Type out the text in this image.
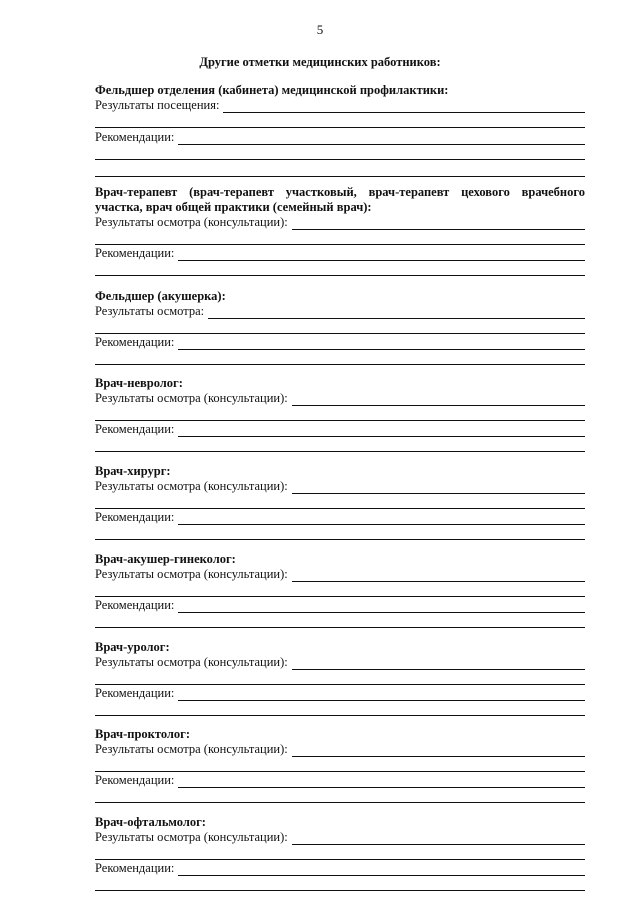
5
Другие отметки медицинских работников:
Фельдшер отделения (кабинета) медицинской профилактики:
Результаты посещения:
Рекомендации:
Врач-терапевт (врач-терапевт участковый, врач-терапевт цехового врачебного участка, врач общей практики (семейный врач):
Результаты осмотра (консультации):
Рекомендации:
Фельдшер (акушерка):
Результаты осмотра:
Рекомендации:
Врач-невролог:
Результаты осмотра (консультации):
Рекомендации:
Врач-хирург:
Результаты осмотра (консультации):
Рекомендации:
Врач-акушер-гинеколог:
Результаты осмотра (консультации):
Рекомендации:
Врач-уролог:
Результаты осмотра (консультации):
Рекомендации:
Врач-проктолог:
Результаты осмотра (консультации):
Рекомендации:
Врач-офтальмолог:
Результаты осмотра (консультации):
Рекомендации:
